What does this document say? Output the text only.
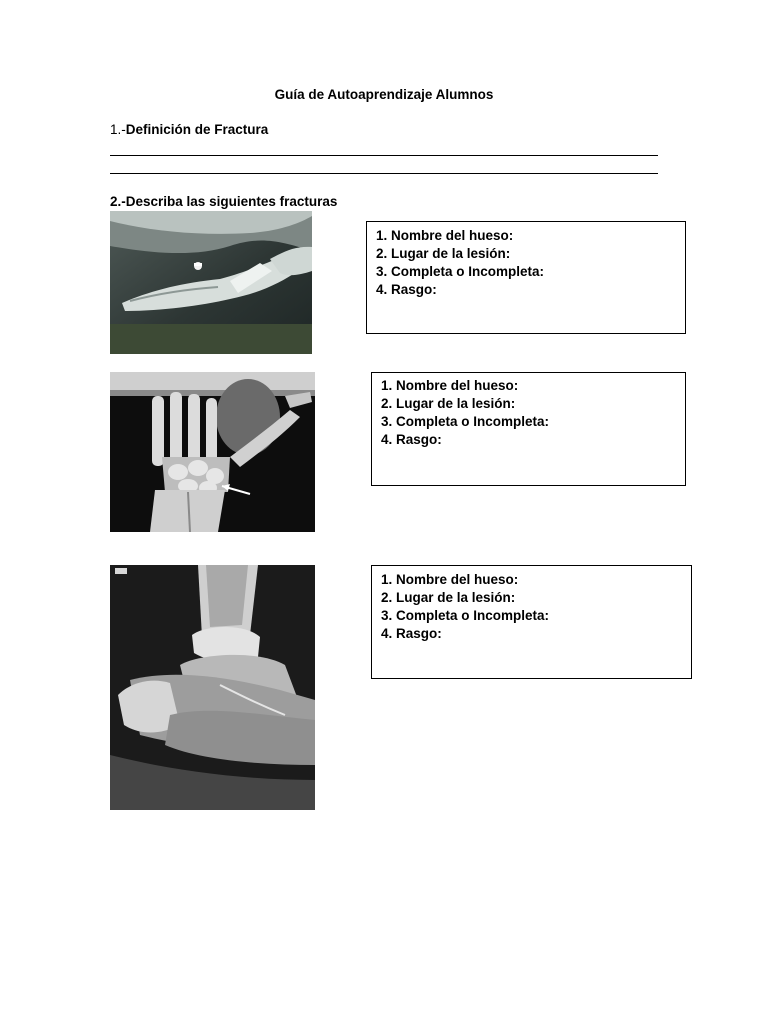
Guía de Autoaprendizaje Alumnos
1.-Definición de Fractura
2.-Describa las siguientes fracturas
1. Nombre del hueso:
2. Lugar de la lesión:
3. Completa o Incompleta:
4. Rasgo:
1. Nombre del hueso:
2. Lugar de la lesión:
3. Completa o Incompleta:
4. Rasgo:
1. Nombre del hueso:
2. Lugar de la lesión:
3. Completa o Incompleta:
4. Rasgo:
